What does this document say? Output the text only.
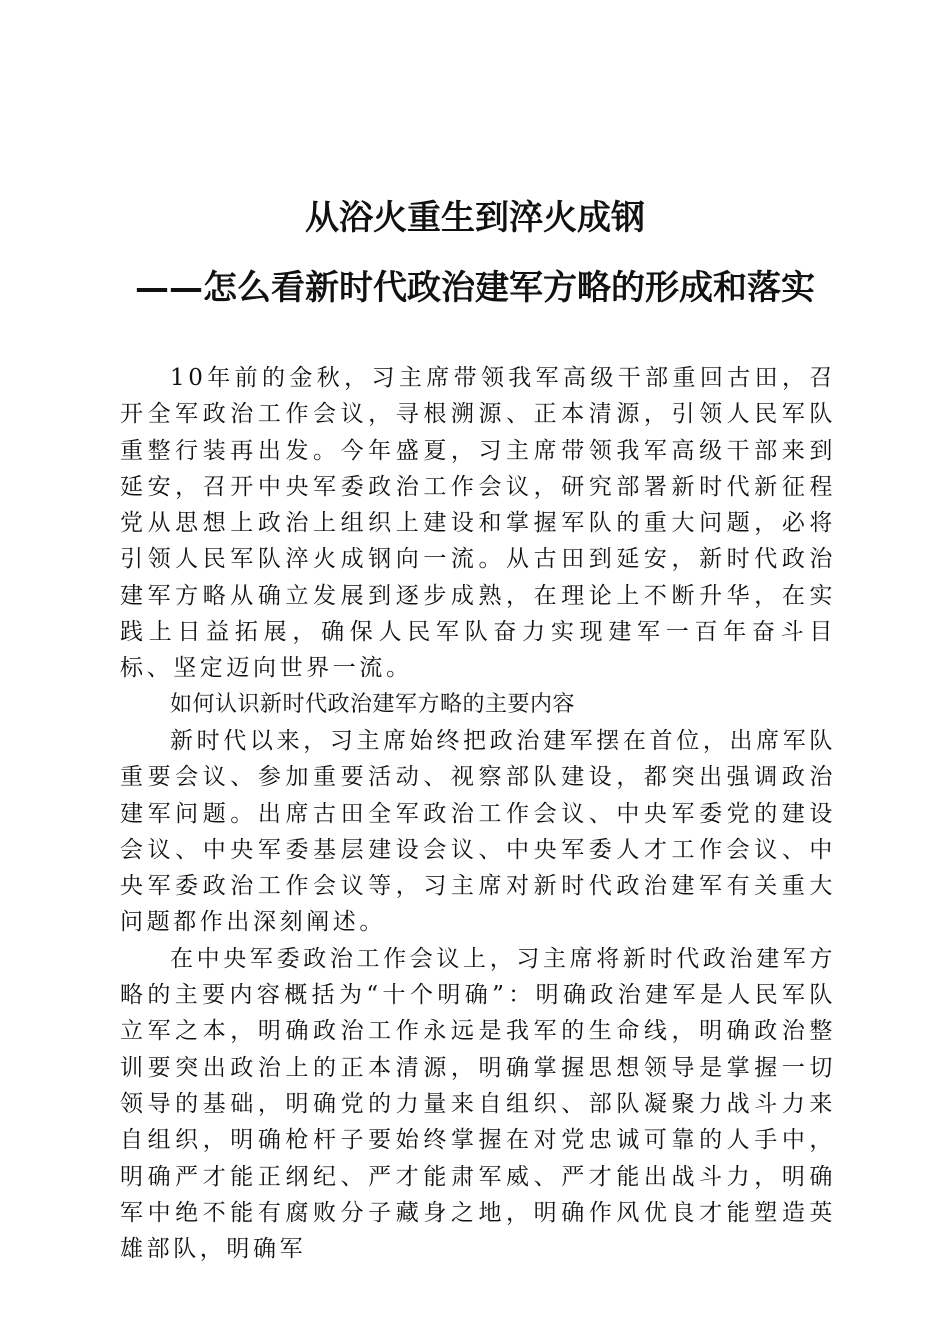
从浴火重生到淬火成钢
——怎么看新时代政治建军方略的形成和落实

10年前的金秋，习主席带领我军高级干部重回古田，召开全军政治工作会议，寻根溯源、正本清源，引领人民军队重整行装再出发。今年盛夏，习主席带领我军高级干部来到延安，召开中央军委政治工作会议，研究部署新时代新征程党从思想上政治上组织上建设和掌握军队的重大问题，必将引领人民军队淬火成钢向一流。从古田到延安，新时代政治建军方略从确立发展到逐步成熟，在理论上不断升华，在实践上日益拓展，确保人民军队奋力实现建军一百年奋斗目标、坚定迈向世界一流。

如何认识新时代政治建军方略的主要内容

新时代以来，习主席始终把政治建军摆在首位，出席军队重要会议、参加重要活动、视察部队建设，都突出强调政治建军问题。出席古田全军政治工作会议、中央军委党的建设会议、中央军委基层建设会议、中央军委人才工作会议、中央军委政治工作会议等，习主席对新时代政治建军有关重大问题都作出深刻阐述。

在中央军委政治工作会议上，习主席将新时代政治建军方略的主要内容概括为“十个明确”：明确政治建军是人民军队立军之本，明确政治工作永远是我军的生命线，明确政治整训要突出政治上的正本清源，明确掌握思想领导是掌握一切领导的基础，明确党的力量来自组织、部队凝聚力战斗力来自组织，明确枪杆子要始终掌握在对党忠诚可靠的人手中，明确严才能正纲纪、严才能肃军威、严才能出战斗力，明确军中绝不能有腐败分子藏身之地，明确作风优良才能塑造英雄部队，明确军
